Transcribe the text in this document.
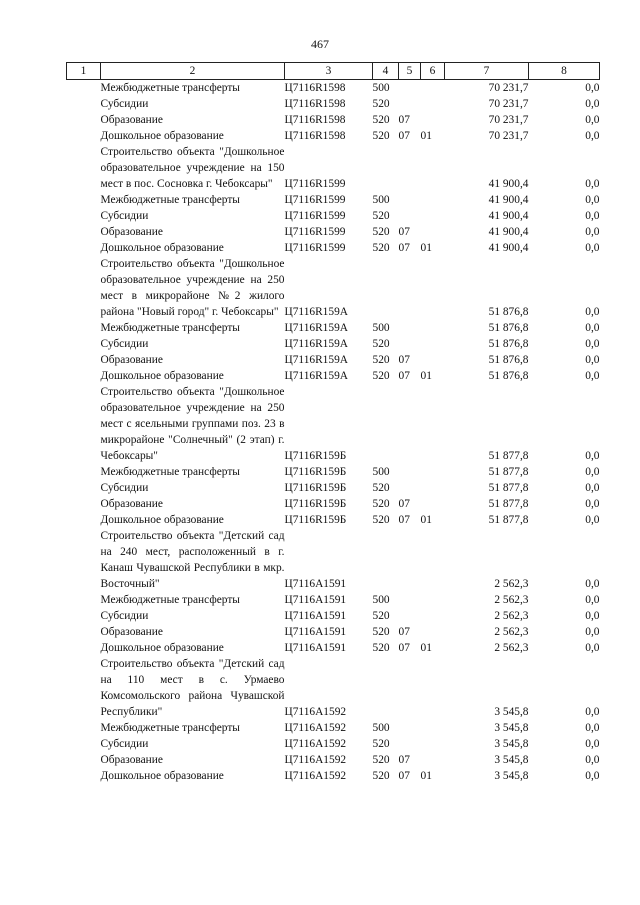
467
1	2	3	4	5	6	7	8
	Межбюджетные трансферты	Ц7116R1598	500			70 231,7	0,0
	Субсидии	Ц7116R1598	520			70 231,7	0,0
	Образование	Ц7116R1598	520	07		70 231,7	0,0
	Дошкольное образование	Ц7116R1598	520	07	01	70 231,7	0,0
	Строительство объекта "Дошкольное образовательное учреждение на 150 мест в пос. Сосновка г. Чебоксары"	Ц7116R1599				41 900,4	0,0
	Межбюджетные трансферты	Ц7116R1599	500			41 900,4	0,0
	Субсидии	Ц7116R1599	520			41 900,4	0,0
	Образование	Ц7116R1599	520	07		41 900,4	0,0
	Дошкольное образование	Ц7116R1599	520	07	01	41 900,4	0,0
	Строительство объекта "Дошкольное образовательное учреждение на 250 мест в микрорайоне №2 жилого района "Новый город" г. Чебоксары"	Ц7116R159А				51 876,8	0,0
	Межбюджетные трансферты	Ц7116R159А	500			51 876,8	0,0
	Субсидии	Ц7116R159А	520			51 876,8	0,0
	Образование	Ц7116R159А	520	07		51 876,8	0,0
	Дошкольное образование	Ц7116R159А	520	07	01	51 876,8	0,0
	Строительство объекта "Дошкольное образовательное учреждение на 250 мест с ясельными группами поз. 23 в микрорайоне "Солнечный" (2 этап) г. Чебоксары"	Ц7116R159Б				51 877,8	0,0
	Межбюджетные трансферты	Ц7116R159Б	500			51 877,8	0,0
	Субсидии	Ц7116R159Б	520			51 877,8	0,0
	Образование	Ц7116R159Б	520	07		51 877,8	0,0
	Дошкольное образование	Ц7116R159Б	520	07	01	51 877,8	0,0
	Строительство объекта "Детский сад на 240 мест, расположенный в г. Канаш Чувашской Республики в мкр. Восточный"	Ц7116А1591				2 562,3	0,0
	Межбюджетные трансферты	Ц7116А1591	500			2 562,3	0,0
	Субсидии	Ц7116А1591	520			2 562,3	0,0
	Образование	Ц7116А1591	520	07		2 562,3	0,0
	Дошкольное образование	Ц7116А1591	520	07	01	2 562,3	0,0
	Строительство объекта "Детский сад на 110 мест в с. Урмаево Комсомольского района Чувашской Республики"	Ц7116А1592				3 545,8	0,0
	Межбюджетные трансферты	Ц7116А1592	500			3 545,8	0,0
	Субсидии	Ц7116А1592	520			3 545,8	0,0
	Образование	Ц7116А1592	520	07		3 545,8	0,0
	Дошкольное образование	Ц7116А1592	520	07	01	3 545,8	0,0
